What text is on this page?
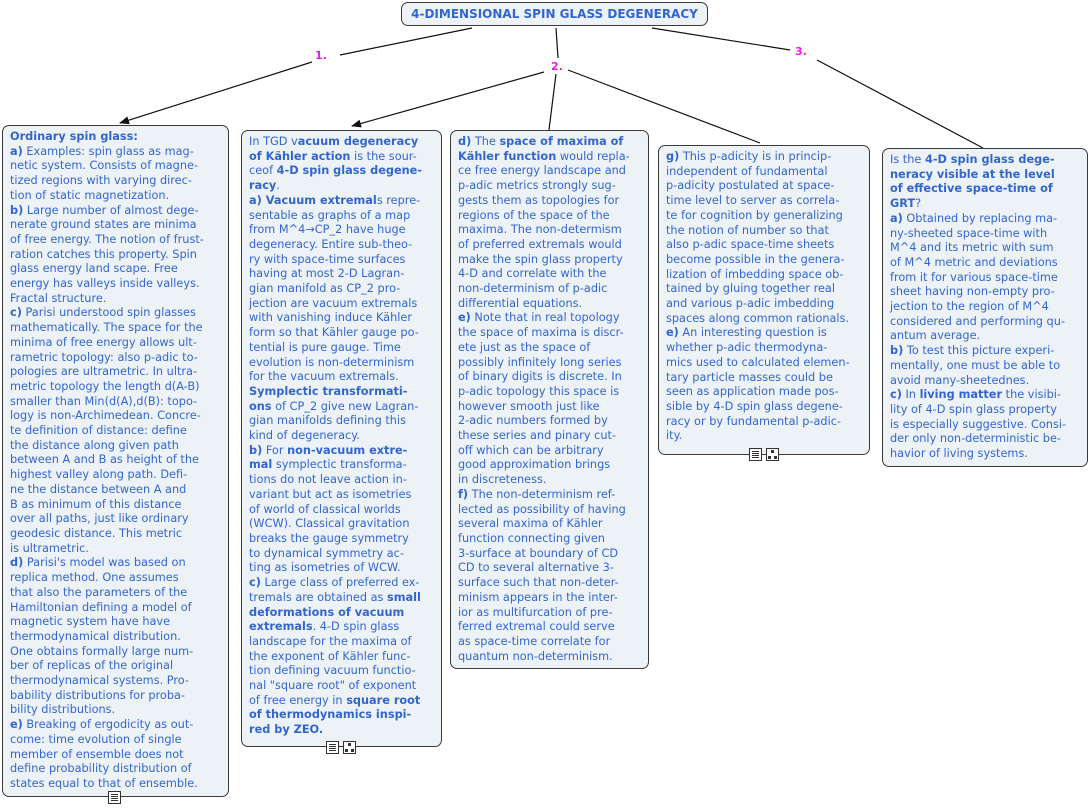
4-DIMENSIONAL SPIN GLASS DEGENERACY
1.
2.
3.
Ordinary spin glass:
a) Examples: spin glass as mag-
netic system. Consists of magne-
tized regions with varying direc-
tion of static magnetization.
b) Large number of almost dege-
nerate ground states are minima
of free energy. The notion of frust-
ration catches this property. Spin
glass energy land scape. Free
energy has valleys inside valleys.
Fractal structure.
c) Parisi understood spin glasses
mathematically. The space for the
minima of free energy allows ult-
rametric topology: also p-adic to-
pologies are ultrametric. In ultra-
metric topology the length d(A-B)
smaller than Min(d(A),d(B): topo-
logy is non-Archimedean. Concre-
te definition of distance: define
the distance along given path
between A and B as height of the
highest valley along path. Defi-
ne the distance between A and
B as minimum of this distance
over all paths, just like ordinary
geodesic distance. This metric
is ultrametric.
d) Parisi's model was based on
replica method. One assumes
that also the parameters of the
Hamiltonian defining a model of
magnetic system have have
thermodynamical distribution.
One obtains formally large num-
ber of replicas of the original
thermodynamical systems. Pro-
bability distributions for proba-
bility distributions.
e) Breaking of ergodicity as out-
come: time evolution of single
member of ensemble does not
define probability distribution of
states equal to that of ensemble.
In TGD vacuum degeneracy
of Kähler action is the sour-
ceof 4-D spin glass degene-
racy.
a) Vacuum extremals repre-
sentable as graphs of a map
from M^4→CP_2 have huge
degeneracy. Entire sub-theo-
ry with space-time surfaces
having at most 2-D Lagran-
gian manifold as CP_2 pro-
jection are vacuum extremals
with vanishing induce Kähler
form so that Kähler gauge po-
tential is pure gauge. Time
evolution is non-determinism
for the vacuum extremals.
Symplectic transformati-
ons of CP_2 give new Lagran-
gian manifolds defining this
kind of degeneracy.
b) For non-vacuum extre-
mal symplectic transforma-
tions do not leave action in-
variant but act as isometries
of world of classical worlds
(WCW). Classical gravitation
breaks the gauge symmetry
to dynamical symmetry ac-
ting as isometries of WCW.
c) Large class of preferred ex-
tremals are obtained as small
deformations of vacuum
extremals. 4-D spin glass
landscape for the maxima of
the exponent of Kähler func-
tion defining vacuum functio-
nal "square root" of exponent
of free energy in square root
of thermodynamics inspi-
red by ZEO.
d) The space of maxima of
Kähler function would repla-
ce free energy landscape and
p-adic metrics strongly sug-
gests them as topologies for
regions of the space of the
maxima. The non-determism
of preferred extremals would
make the spin glass property
4-D and correlate with the
non-determinism of p-adic
differential equations.
e) Note that in real topology
the space of maxima is discr-
ete just as the space of
possibly infinitely long series
of binary digits is discrete. In
p-adic topology this space is
however smooth just like
2-adic numbers formed by
these series and pinary cut-
off which can be arbitrary
good approximation brings
in discreteness.
f) The non-determinism ref-
lected as possibility of having
several maxima of Kähler
function connecting given
3-surface at boundary of CD
CD to several alternative 3-
surface such that non-deter-
minism appears in the inter-
ior as multifurcation of pre-
ferred extremal could serve
as space-time correlate for
quantum non-determinism.
g) This p-adicity is in princip-
independent of fundamental
p-adicity postulated at space-
time level to server as correla-
te for cognition by generalizing
the notion of number so that
also p-adic space-time sheets
become possible in the genera-
lization of imbedding space ob-
tained by gluing together real
and various p-adic imbedding
spaces along common rationals.
e) An interesting question is
whether p-adic thermodyna-
mics used to calculated elemen-
tary particle masses could be
seen as application made pos-
sible by 4-D spin glass degene-
racy or by fundamental p-adic-
ity.
Is the 4-D spin glass dege-
neracy visible at the level
of effective space-time of
GRT?
a) Obtained by replacing ma-
ny-sheeted space-time with
M^4 and its metric with sum
of M^4 metric and deviations
from it for various space-time
sheet having non-empty pro-
jection to the region of M^4
considered and performing qu-
antum average.
b) To test this picture experi-
mentally, one must be able to
avoid many-sheetednes.
c) In living matter the visibi-
lity of 4-D spin glass property
is especially suggestive. Consi-
der only non-deterministic be-
havior of living systems.
